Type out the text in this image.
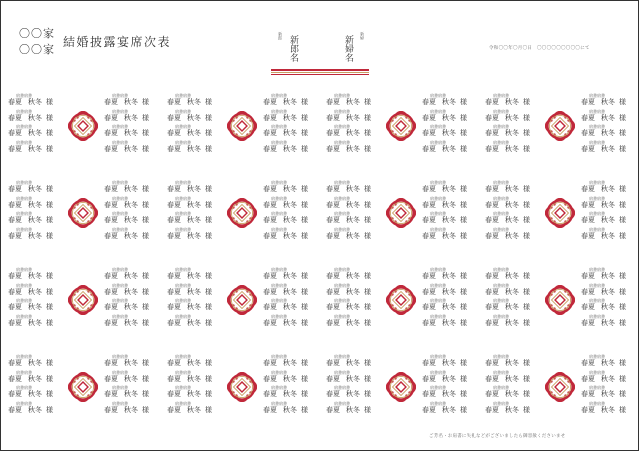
〇〇家
〇〇家
結婚披露宴席次表	新郎 新郎名	新婦名 新婦
令和〇〇年〇月〇日　〇〇〇〇〇〇〇〇〇にて
肩書肩書
春夏 秋冬 様
肩書肩書
春夏 秋冬 様
肩書肩書
春夏 秋冬 様
肩書肩書
春夏 秋冬 様
肩書肩書
春夏 秋冬 様
肩書肩書
春夏 秋冬 様
肩書肩書
春夏 秋冬 様
肩書肩書
春夏 秋冬 様
肩書肩書
春夏 秋冬 様
肩書肩書
春夏 秋冬 様
肩書肩書
春夏 秋冬 様
肩書肩書
春夏 秋冬 様
肩書肩書
春夏 秋冬 様
肩書肩書
春夏 秋冬 様
肩書肩書
春夏 秋冬 様
肩書肩書
春夏 秋冬 様
肩書肩書
春夏 秋冬 様
肩書肩書
春夏 秋冬 様
肩書肩書
春夏 秋冬 様
肩書肩書
春夏 秋冬 様
肩書肩書
春夏 秋冬 様
肩書肩書
春夏 秋冬 様
肩書肩書
春夏 秋冬 様
肩書肩書
春夏 秋冬 様
肩書肩書
春夏 秋冬 様
肩書肩書
春夏 秋冬 様
肩書肩書
春夏 秋冬 様
肩書肩書
春夏 秋冬 様
肩書肩書
春夏 秋冬 様
肩書肩書
春夏 秋冬 様
肩書肩書
春夏 秋冬 様
肩書肩書
春夏 秋冬 様
肩書肩書
春夏 秋冬 様
肩書肩書
春夏 秋冬 様
肩書肩書
春夏 秋冬 様
肩書肩書
春夏 秋冬 様
肩書肩書
春夏 秋冬 様
肩書肩書
春夏 秋冬 様
肩書肩書
春夏 秋冬 様
肩書肩書
春夏 秋冬 様
肩書肩書
春夏 秋冬 様
肩書肩書
春夏 秋冬 様
肩書肩書
春夏 秋冬 様
肩書肩書
春夏 秋冬 様
肩書肩書
春夏 秋冬 様
肩書肩書
春夏 秋冬 様
肩書肩書
春夏 秋冬 様
肩書肩書
春夏 秋冬 様
肩書肩書
春夏 秋冬 様
肩書肩書
春夏 秋冬 様
肩書肩書
春夏 秋冬 様
肩書肩書
春夏 秋冬 様
肩書肩書
春夏 秋冬 様
肩書肩書
春夏 秋冬 様
肩書肩書
春夏 秋冬 様
肩書肩書
春夏 秋冬 様
肩書肩書
春夏 秋冬 様
肩書肩書
春夏 秋冬 様
肩書肩書
春夏 秋冬 様
肩書肩書
春夏 秋冬 様
肩書肩書
春夏 秋冬 様
肩書肩書
春夏 秋冬 様
肩書肩書
春夏 秋冬 様
肩書肩書
春夏 秋冬 様
肩書肩書
春夏 秋冬 様
肩書肩書
春夏 秋冬 様
肩書肩書
春夏 秋冬 様
肩書肩書
春夏 秋冬 様
肩書肩書
春夏 秋冬 様
肩書肩書
春夏 秋冬 様
肩書肩書
春夏 秋冬 様
肩書肩書
春夏 秋冬 様
肩書肩書
春夏 秋冬 様
肩書肩書
春夏 秋冬 様
肩書肩書
春夏 秋冬 様
肩書肩書
春夏 秋冬 様
肩書肩書
春夏 秋冬 様
肩書肩書
春夏 秋冬 様
肩書肩書
春夏 秋冬 様
肩書肩書
春夏 秋冬 様
肩書肩書
春夏 秋冬 様
肩書肩書
春夏 秋冬 様
肩書肩書
春夏 秋冬 様
肩書肩書
春夏 秋冬 様
肩書肩書
春夏 秋冬 様
肩書肩書
春夏 秋冬 様
肩書肩書
春夏 秋冬 様
肩書肩書
春夏 秋冬 様
肩書肩書
春夏 秋冬 様
肩書肩書
春夏 秋冬 様
肩書肩書
春夏 秋冬 様
肩書肩書
春夏 秋冬 様
肩書肩書
春夏 秋冬 様
肩書肩書
春夏 秋冬 様
肩書肩書
春夏 秋冬 様
肩書肩書
春夏 秋冬 様
肩書肩書
春夏 秋冬 様
肩書肩書
春夏 秋冬 様
肩書肩書
春夏 秋冬 様
肩書肩書
春夏 秋冬 様
肩書肩書
春夏 秋冬 様
肩書肩書
春夏 秋冬 様
肩書肩書
春夏 秋冬 様
肩書肩書
春夏 秋冬 様
肩書肩書
春夏 秋冬 様
肩書肩書
春夏 秋冬 様
肩書肩書
春夏 秋冬 様
肩書肩書
春夏 秋冬 様
肩書肩書
春夏 秋冬 様
肩書肩書
春夏 秋冬 様
肩書肩書
春夏 秋冬 様
肩書肩書
春夏 秋冬 様
肩書肩書
春夏 秋冬 様
肩書肩書
春夏 秋冬 様
肩書肩書
春夏 秋冬 様
肩書肩書
春夏 秋冬 様
肩書肩書
春夏 秋冬 様
肩書肩書
春夏 秋冬 様
肩書肩書
春夏 秋冬 様
肩書肩書
春夏 秋冬 様
肩書肩書
春夏 秋冬 様
肩書肩書
春夏 秋冬 様
肩書肩書
春夏 秋冬 様
肩書肩書
春夏 秋冬 様
肩書肩書
春夏 秋冬 様
肩書肩書
春夏 秋冬 様
肩書肩書
春夏 秋冬 様
肩書肩書
春夏 秋冬 様
ご芳名・お肩書に失礼などがございましたら御容赦くださいませ
